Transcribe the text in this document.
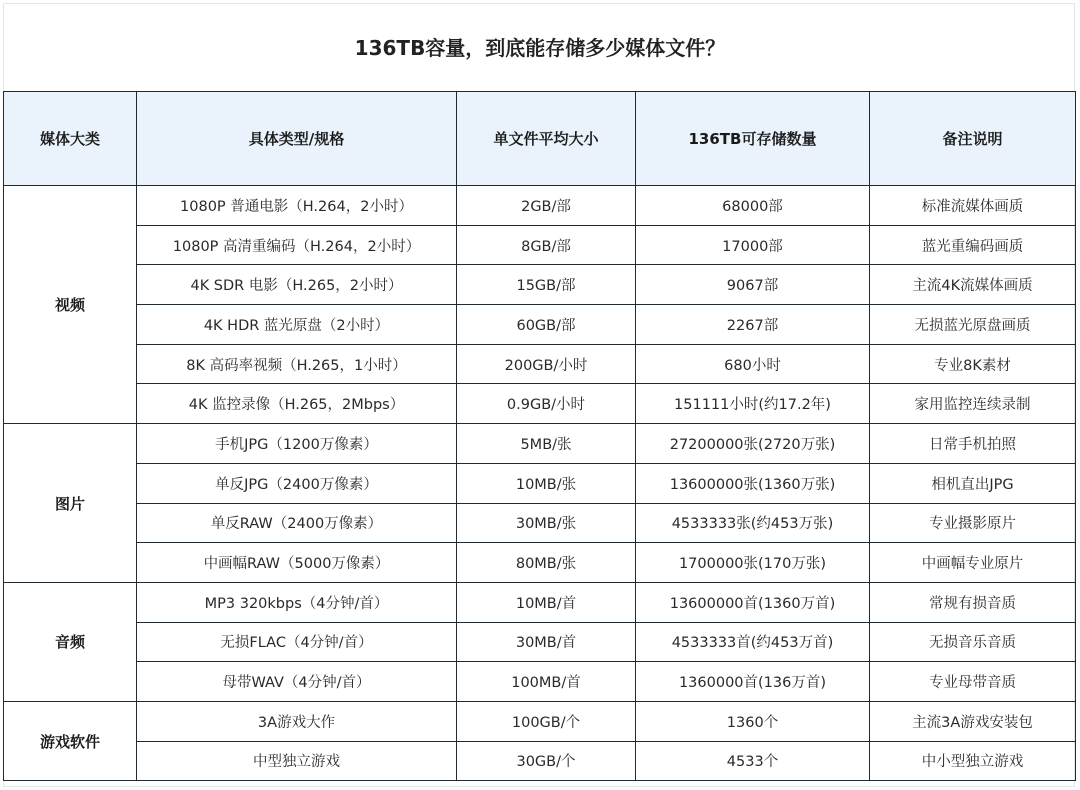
136TB容量，到底能存储多少媒体文件？
媒体大类	具体类型/规格	单文件平均大小	136TB可存储数量	备注说明
视频	1080P 普通电影（H.264，2小时）	2GB/部	68000部	标准流媒体画质
	1080P 高清重编码（H.264，2小时）	8GB/部	17000部	蓝光重编码画质
	4K SDR 电影（H.265，2小时）	15GB/部	9067部	主流4K流媒体画质
	4K HDR 蓝光原盘（2小时）	60GB/部	2267部	无损蓝光原盘画质
	8K 高码率视频（H.265，1小时）	200GB/小时	680小时	专业8K素材
	4K 监控录像（H.265，2Mbps）	0.9GB/小时	151111小时(约17.2年)	家用监控连续录制
图片	手机JPG（1200万像素）	5MB/张	27200000张(2720万张)	日常手机拍照
	单反JPG（2400万像素）	10MB/张	13600000张(1360万张)	相机直出JPG
	单反RAW（2400万像素）	30MB/张	4533333张(约453万张)	专业摄影原片
	中画幅RAW（5000万像素）	80MB/张	1700000张(170万张)	中画幅专业原片
音频	MP3 320kbps（4分钟/首）	10MB/首	13600000首(1360万首)	常规有损音质
	无损FLAC（4分钟/首）	30MB/首	4533333首(约453万首)	无损音乐音质
	母带WAV（4分钟/首）	100MB/首	1360000首(136万首)	专业母带音质
游戏软件	3A游戏大作	100GB/个	1360个	主流3A游戏安装包
	中型独立游戏	30GB/个	4533个	中小型独立游戏
